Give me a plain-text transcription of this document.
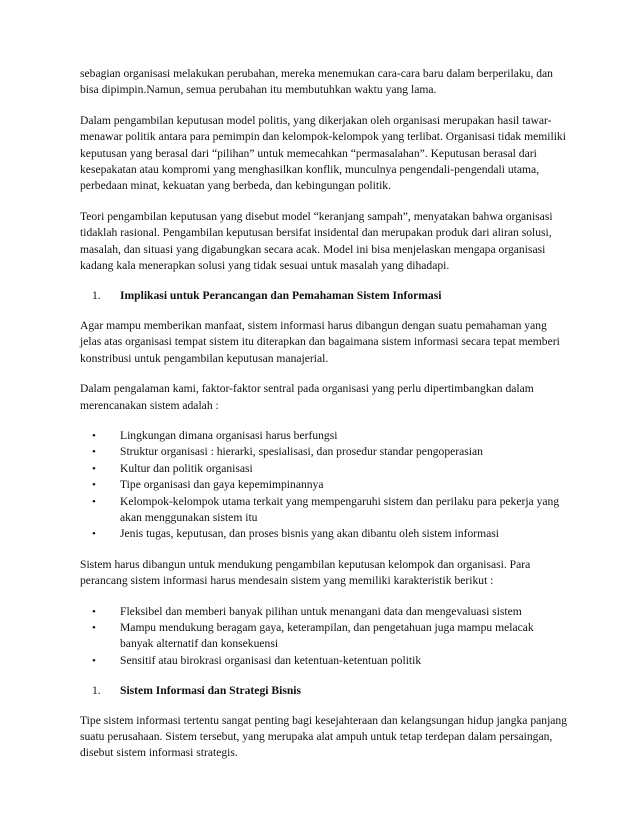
sebagian organisasi melakukan perubahan, mereka menemukan cara-cara baru dalam berperilaku, dan bisa dipimpin.Namun, semua perubahan itu membutuhkan waktu yang lama.

Dalam pengambilan keputusan model politis, yang dikerjakan oleh organisasi merupakan hasil tawar-menawar politik antara para pemimpin dan kelompok-kelompok yang terlibat. Organisasi tidak memiliki keputusan yang berasal dari “pilihan” untuk memecahkan “permasalahan”. Keputusan berasal dari kesepakatan atau kompromi yang menghasilkan konflik, munculnya pengendali-pengendali utama, perbedaan minat, kekuatan yang berbeda, dan kebingungan politik.

Teori pengambilan keputusan yang disebut model “keranjang sampah”, menyatakan bahwa organisasi tidaklah rasional. Pengambilan keputusan bersifat insidental dan merupakan produk dari aliran solusi, masalah, dan situasi yang digabungkan secara acak. Model ini bisa menjelaskan mengapa organisasi kadang kala menerapkan solusi yang tidak sesuai untuk masalah yang dihadapi.

1.	Implikasi untuk Perancangan dan Pemahaman Sistem Informasi

Agar mampu memberikan manfaat, sistem informasi harus dibangun dengan suatu pemahaman yang jelas atas organisasi tempat sistem itu diterapkan dan bagaimana sistem informasi secara tepat memberi konstribusi untuk pengambilan keputusan manajerial.

Dalam pengalaman kami, faktor-faktor sentral pada organisasi yang perlu dipertimbangkan dalam merencanakan sistem adalah :

•	Lingkungan dimana organisasi harus berfungsi
•	Struktur organisasi : hierarki, spesialisasi, dan prosedur standar pengoperasian
•	Kultur dan politik organisasi
•	Tipe organisasi dan gaya kepemimpinannya
•	Kelompok-kelompok utama terkait yang mempengaruhi sistem dan perilaku para pekerja yang akan menggunakan sistem itu
•	Jenis tugas, keputusan, dan proses bisnis yang akan dibantu oleh sistem informasi

Sistem harus dibangun untuk mendukung pengambilan keputusan kelompok dan organisasi. Para perancang sistem informasi harus mendesain sistem yang memiliki karakteristik berikut :

•	Fleksibel dan memberi banyak pilihan untuk menangani data dan mengevaluasi sistem
•	Mampu mendukung beragam gaya, keterampilan, dan pengetahuan juga mampu melacak banyak alternatif dan konsekuensi
•	Sensitif atau birokrasi organisasi dan ketentuan-ketentuan politik
1.	Sistem Informasi dan Strategi Bisnis

Tipe sistem informasi tertentu sangat penting bagi kesejahteraan dan kelangsungan hidup jangka panjang suatu perusahaan. Sistem tersebut, yang merupaka alat ampuh untuk tetap terdepan dalam persaingan, disebut sistem informasi strategis.
